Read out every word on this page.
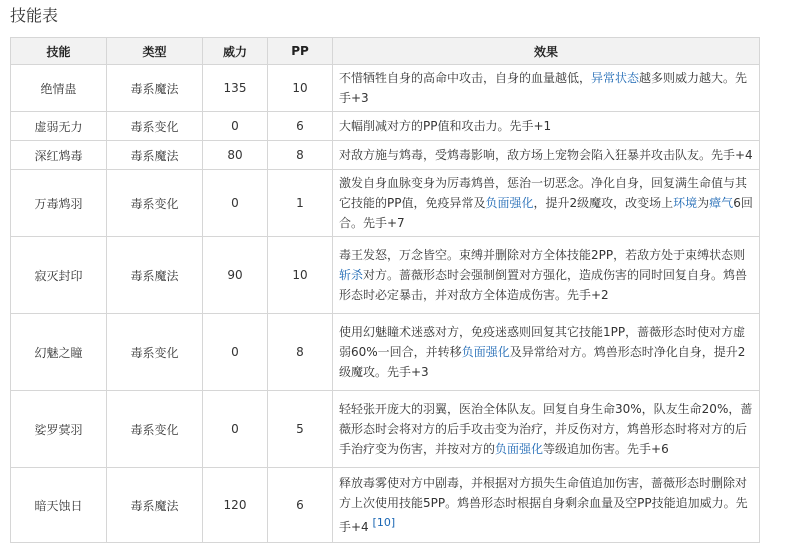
技能表
技能	类型	威力	PP	效果
绝情蛊	毒系魔法	135	10	不惜牺牲自身的高命中攻击，自身的血量越低，异常状态越多则威力越大。先手+3
虚弱无力	毒系变化	0	6	大幅削减对方的PP值和攻击力。先手+1
深红鸩毒	毒系魔法	80	8	对敌方施与鸩毒，受鸩毒影响，敌方场上宠物会陷入狂暴并攻击队友。先手+4
万毒鸩羽	毒系变化	0	1	激发自身血脉变身为厉毒鸩兽，惩治一切恶念。净化自身，回复满生命值与其它技能的PP值，免疫异常及负面强化，提升2级魔攻，改变场上环境为瘴气6回合。先手+7
寂灭封印	毒系魔法	90	10	毒王发怒，万念皆空。束缚并删除对方全体技能2PP，若敌方处于束缚状态则斩杀对方。蔷薇形态时会强制倒置对方强化，造成伤害的同时回复自身。鸩兽形态时必定暴击，并对敌方全体造成伤害。先手+2
幻魅之瞳	毒系变化	0	8	使用幻魅瞳术迷惑对方，免疫迷惑则回复其它技能1PP，蔷薇形态时使对方虚弱60%一回合，并转移负面强化及异常给对方。鸩兽形态时净化自身，提升2级魔攻。先手+3
娑罗蓂羽	毒系变化	0	5	轻轻张开庞大的羽翼，医治全体队友。回复自身生命30%，队友生命20%，蔷薇形态时会将对方的后手攻击变为治疗，并反伤对方，鸩兽形态时将对方的后手治疗变为伤害，并按对方的负面强化等级追加伤害。先手+6
暗天蚀日	毒系魔法	120	6	释放毒雾使对方中剧毒，并根据对方损失生命值追加伤害，蔷薇形态时删除对方上次使用技能5PP。鸩兽形态时根据自身剩余血量及空PP技能追加威力。先手+4 [10]
